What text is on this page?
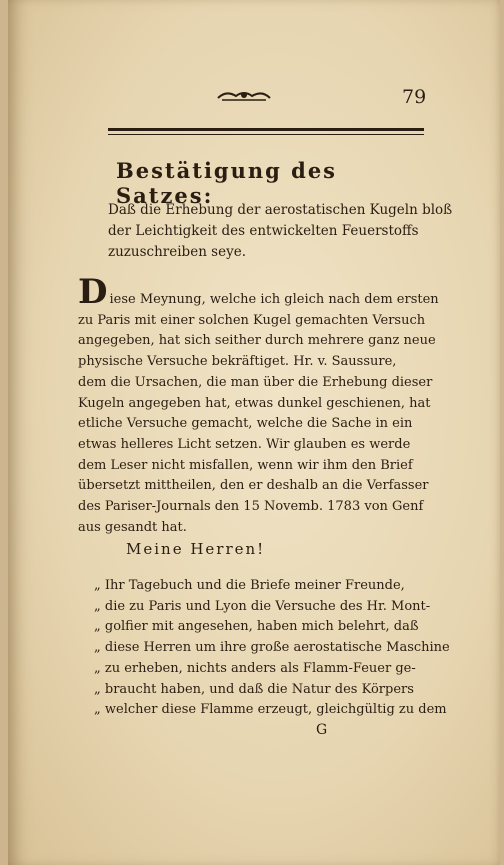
79
Bestätigung des Satzes:
Daß die Erhebung der aerostatischen Kugeln bloß
der Leichtigkeit des entwickelten Feuerstoffs
zuzuschreiben seye.
Diese Meynung, welche ich gleich nach dem ersten
zu Paris mit einer solchen Kugel gemachten Versuch
angegeben, hat sich seither durch mehrere ganz neue
physische Versuche bekräftiget. Hr. v. Saussure,
dem die Ursachen, die man über die Erhebung dieser
Kugeln angegeben hat, etwas dunkel geschienen, hat
etliche Versuche gemacht, welche die Sache in ein
etwas helleres Licht setzen. Wir glauben es werde
dem Leser nicht misfallen, wenn wir ihm den Brief
übersetzt mittheilen, den er deshalb an die Verfasser
des Pariser-Journals den 15 Novemb. 1783 von Genf
aus gesandt hat.
Meine Herren!
„ Ihr Tagebuch und die Briefe meiner Freunde,
„ die zu Paris und Lyon die Versuche des Hr. Mont-
„ golfier mit angesehen, haben mich belehrt, daß
„ diese Herren um ihre große aerostatische Maschine
„ zu erheben, nichts anders als Flamm-Feuer ge-
„ braucht haben, und daß die Natur des Körpers
„ welcher diese Flamme erzeugt, gleichgültig zu dem
G
